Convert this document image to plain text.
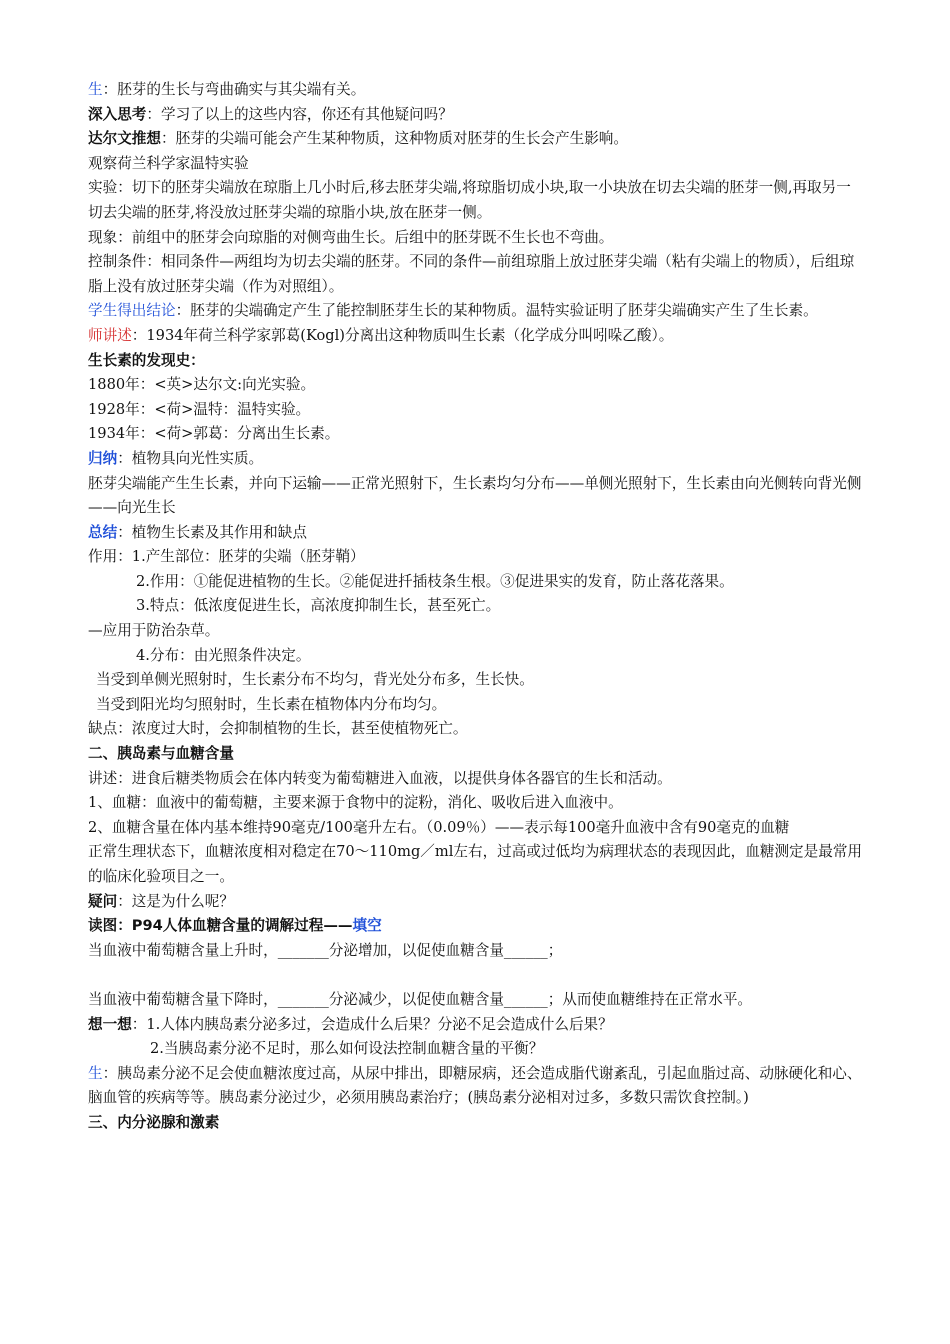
生：胚芽的生长与弯曲确实与其尖端有关。

深入思考：学习了以上的这些内容，你还有其他疑问吗？

达尔文推想：胚芽的尖端可能会产生某种物质，这种物质对胚芽的生长会产生影响。

观察荷兰科学家温特实验

实验：切下的胚芽尖端放在琼脂上几小时后,移去胚芽尖端,将琼脂切成小块,取一小块放在切去尖端的胚芽一侧,再取另一切去尖端的胚芽,将没放过胚芽尖端的琼脂小块,放在胚芽一侧。

现象：前组中的胚芽会向琼脂的对侧弯曲生长。后组中的胚芽既不生长也不弯曲。

控制条件：相同条件—两组均为切去尖端的胚芽。不同的条件—前组琼脂上放过胚芽尖端（粘有尖端上的物质），后组琼脂上没有放过胚芽尖端（作为对照组）。

学生得出结论：胚芽的尖端确定产生了能控制胚芽生长的某种物质。温特实验证明了胚芽尖端确实产生了生长素。

师讲述：1934年荷兰科学家郭葛(Kogl)分离出这种物质叫生长素（化学成分叫吲哚乙酸）。

生长素的发现史：

1880年：<英>达尔文:向光实验。

1928年：<荷>温特：温特实验。

1934年：<荷>郭葛：分离出生长素。

归纳：植物具向光性实质。

胚芽尖端能产生生长素，并向下运输——正常光照射下，生长素均匀分布——单侧光照射下，生长素由向光侧转向背光侧——向光生长

总结：植物生长素及其作用和缺点

作用：1.产生部位：胚芽的尖端（胚芽鞘）

2.作用：①能促进植物的生长。②能促进扦插枝条生根。③促进果实的发育，防止落花落果。

3.特点：低浓度促进生长，高浓度抑制生长，甚至死亡。

—应用于防治杂草。

4.分布：由光照条件决定。

当受到单侧光照射时，生长素分布不均匀，背光处分布多，生长快。

当受到阳光均匀照射时，生长素在植物体内分布均匀。

缺点：浓度过大时，会抑制植物的生长，甚至使植物死亡。

二、胰岛素与血糖含量

讲述：进食后糖类物质会在体内转变为葡萄糖进入血液，以提供身体各器官的生长和活动。

1、血糖：血液中的葡萄糖，主要来源于食物中的淀粉，消化、吸收后进入血液中。

2、血糖含量在体内基本维持90毫克/100毫升左右。（0.09％）——表示每100毫升血液中含有90毫克的血糖

正常生理状态下，血糖浓度相对稳定在70～110mg／ml左右，过高或过低均为病理状态的表现因此，血糖测定是最常用的临床化验项目之一。

疑问：这是为什么呢？

读图：P94人体血糖含量的调解过程——填空

当血液中葡萄糖含量上升时，_______分泌增加，以促使血糖含量______；

当血液中葡萄糖含量下降时，_______分泌减少，以促使血糖含量______；从而使血糖维持在正常水平。

想一想：1.人体内胰岛素分泌多过，会造成什么后果？分泌不足会造成什么后果？

2.当胰岛素分泌不足时，那么如何设法控制血糖含量的平衡？

生：胰岛素分泌不足会使血糖浓度过高，从尿中排出，即糖尿病，还会造成脂代谢紊乱，引起血脂过高、动脉硬化和心、脑血管的疾病等等。胰岛素分泌过少，必须用胰岛素治疗；(胰岛素分泌相对过多，多数只需饮食控制。)

三、内分泌腺和激素
